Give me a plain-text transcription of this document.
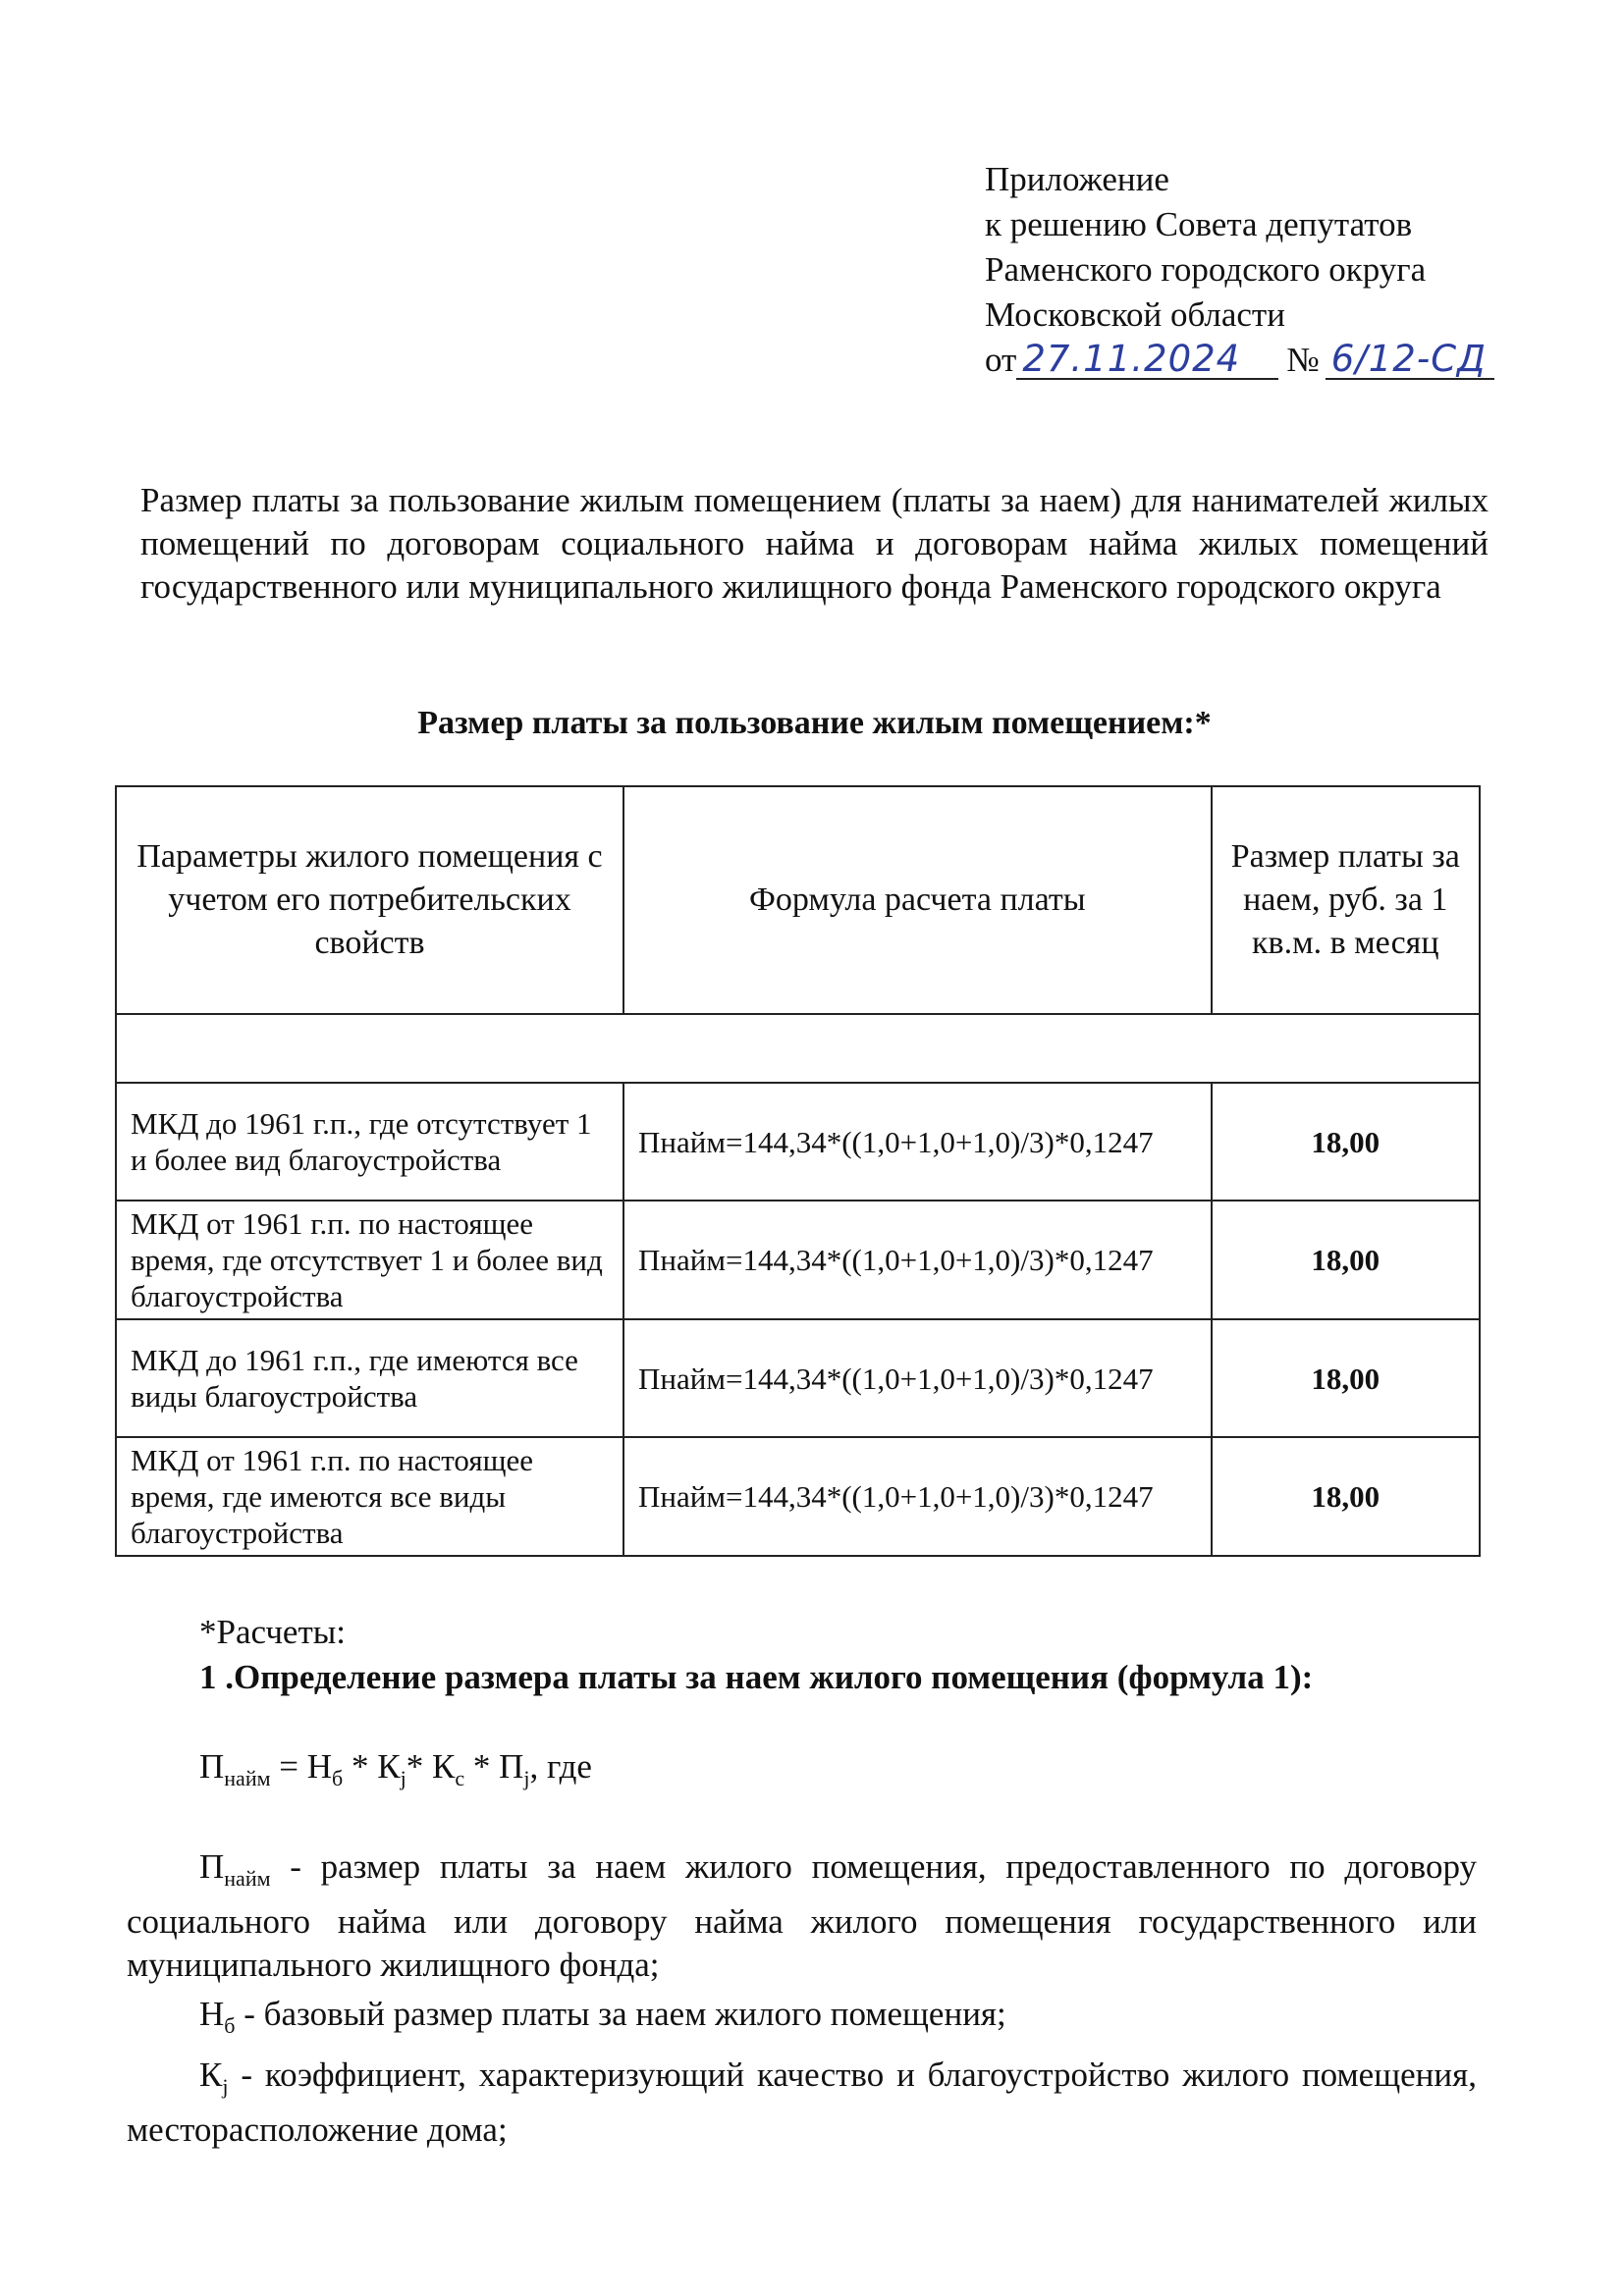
Приложение
к решению Совета депутатов
Раменского городского округа
Московской области
от 27.11.2024	№ 6/12-СД
Размер платы за пользование жилым помещением (платы за наем) для нанимателей жилых помещений по договорам социального найма и договорам найма жилых помещений государственного или муниципального жилищного фонда Раменского городского округа
Размер платы за пользование жилым помещением:*
Параметры жилого помещения с учетом его потребительских свойств	Формула расчета платы	Размер платы за наем, руб. за 1 кв.м. в месяц

МКД до 1961 г.п., где отсутствует 1 и более вид благоустройства	Пнайм=144,34*((1,0+1,0+1,0)/3)*0,1247	18,00
МКД от 1961 г.п. по настоящее время, где отсутствует 1 и более вид благоустройства	Пнайм=144,34*((1,0+1,0+1,0)/3)*0,1247	18,00
МКД до 1961 г.п., где имеются все виды благоустройства	Пнайм=144,34*((1,0+1,0+1,0)/3)*0,1247	18,00
МКД от 1961 г.п. по настоящее время, где имеются все виды благоустройства	Пнайм=144,34*((1,0+1,0+1,0)/3)*0,1247	18,00
*Расчеты:
1 .Определение размера платы за наем жилого помещения (формула 1):
$П_{найм} = Н_б * К_j*$ $К_с * П_j$, где

$П_{найм}$ - размер платы за наем жилого помещения, предоставленного по договору социального найма или договору найма жилого помещения государственного или муниципального жилищного фонда;

$Н_б$ - базовый размер платы за наем жилого помещения;

$К_j$ - коэффициент, характеризующий качество и благоустройство жилого помещения, месторасположение дома;
